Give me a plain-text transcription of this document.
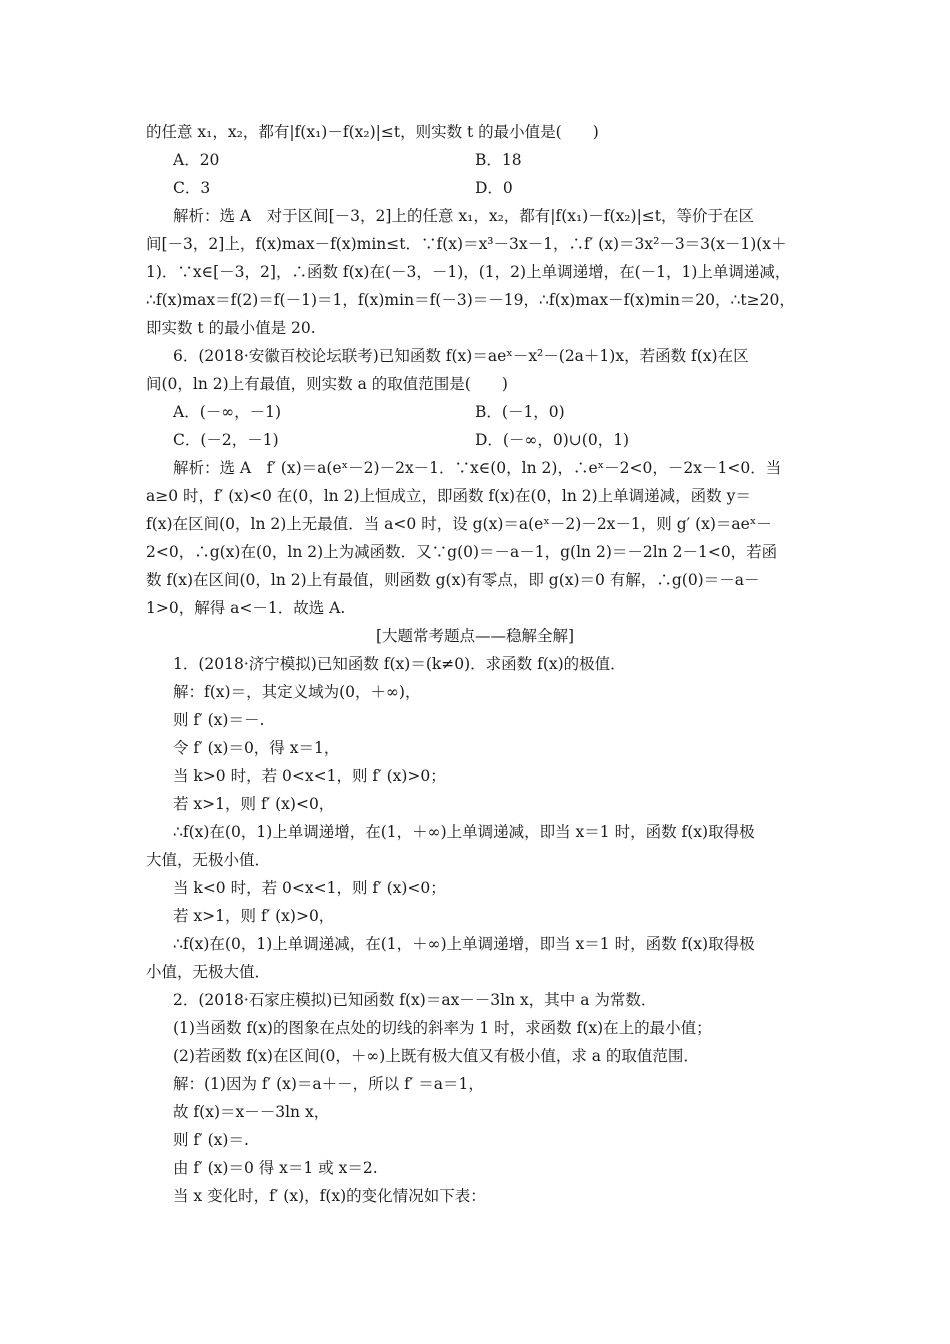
的任意 x₁，x₂，都有|f(x₁)－f(x₂)|≤t，则实数 t 的最小值是(　　)
A．20	B．18
C．3	D．0
解析：选 A　对于区间[－3，2]上的任意 x₁，x₂，都有|f(x₁)－f(x₂)|≤t，等价于在区
间[－3，2]上，f(x)max－f(x)min≤t．∵f(x)＝x³－3x－1，∴f′ (x)＝3x²－3＝3(x－1)(x＋
1)．∵x∈[－3，2]，∴函数 f(x)在(－3，－1)，(1，2)上单调递增，在(－1，1)上单调递减，
∴f(x)max＝f(2)＝f(－1)＝1，f(x)min＝f(－3)＝－19，∴f(x)max－f(x)min＝20，∴t≥20，
即实数 t 的最小值是 20.
6．(2018·安徽百校论坛联考)已知函数 f(x)＝aeˣ－x²－(2a＋1)x，若函数 f(x)在区
间(0，ln 2)上有最值，则实数 a 的取值范围是(　　)
A．(－∞，－1)	B．(－1，0)
C．(－2，－1)	D．(－∞，0)∪(0，1)
解析：选 A　f′ (x)＝a(eˣ－2)－2x－1．∵x∈(0，ln 2)，∴eˣ－2<0，－2x－1<0．当
a≥0 时，f′ (x)<0 在(0，ln 2)上恒成立，即函数 f(x)在(0，ln 2)上单调递减，函数 y＝
f(x)在区间(0，ln 2)上无最值．当 a<0 时，设 g(x)＝a(eˣ－2)－2x－1，则 g′ (x)＝aeˣ－
2<0，∴g(x)在(0，ln 2)上为减函数．又∵g(0)＝－a－1，g(ln 2)＝－2ln 2－1<0，若函
数 f(x)在区间(0，ln 2)上有最值，则函数 g(x)有零点，即 g(x)＝0 有解，∴g(0)＝－a－
1>0，解得 a<－1．故选 A.
[大题常考题点——稳解全解]
1．(2018·济宁模拟)已知函数 f(x)＝(k≠0)．求函数 f(x)的极值．
解：f(x)＝，其定义域为(0，＋∞)，
则 f′ (x)＝－.
令 f′ (x)＝0，得 x＝1，
当 k>0 时，若 0<x<1，则 f′ (x)>0；
若 x>1，则 f′ (x)<0，
∴f(x)在(0，1)上单调递增，在(1，＋∞)上单调递减，即当 x＝1 时，函数 f(x)取得极
大值，无极小值．
当 k<0 时，若 0<x<1，则 f′ (x)<0；
若 x>1，则 f′ (x)>0，
∴f(x)在(0，1)上单调递减，在(1，＋∞)上单调递增，即当 x＝1 时，函数 f(x)取得极
小值，无极大值．
2．(2018·石家庄模拟)已知函数 f(x)＝ax－－3ln x，其中 a 为常数．
(1)当函数 f(x)的图象在点处的切线的斜率为 1 时，求函数 f(x)在上的最小值；
(2)若函数 f(x)在区间(0，＋∞)上既有极大值又有极小值，求 a 的取值范围．
解：(1)因为 f′ (x)＝a＋－，所以 f′ ＝a＝1，
故 f(x)＝x－－3ln x，
则 f′ (x)＝.
由 f′ (x)＝0 得 x＝1 或 x＝2.
当 x 变化时，f′ (x)，f(x)的变化情况如下表：
